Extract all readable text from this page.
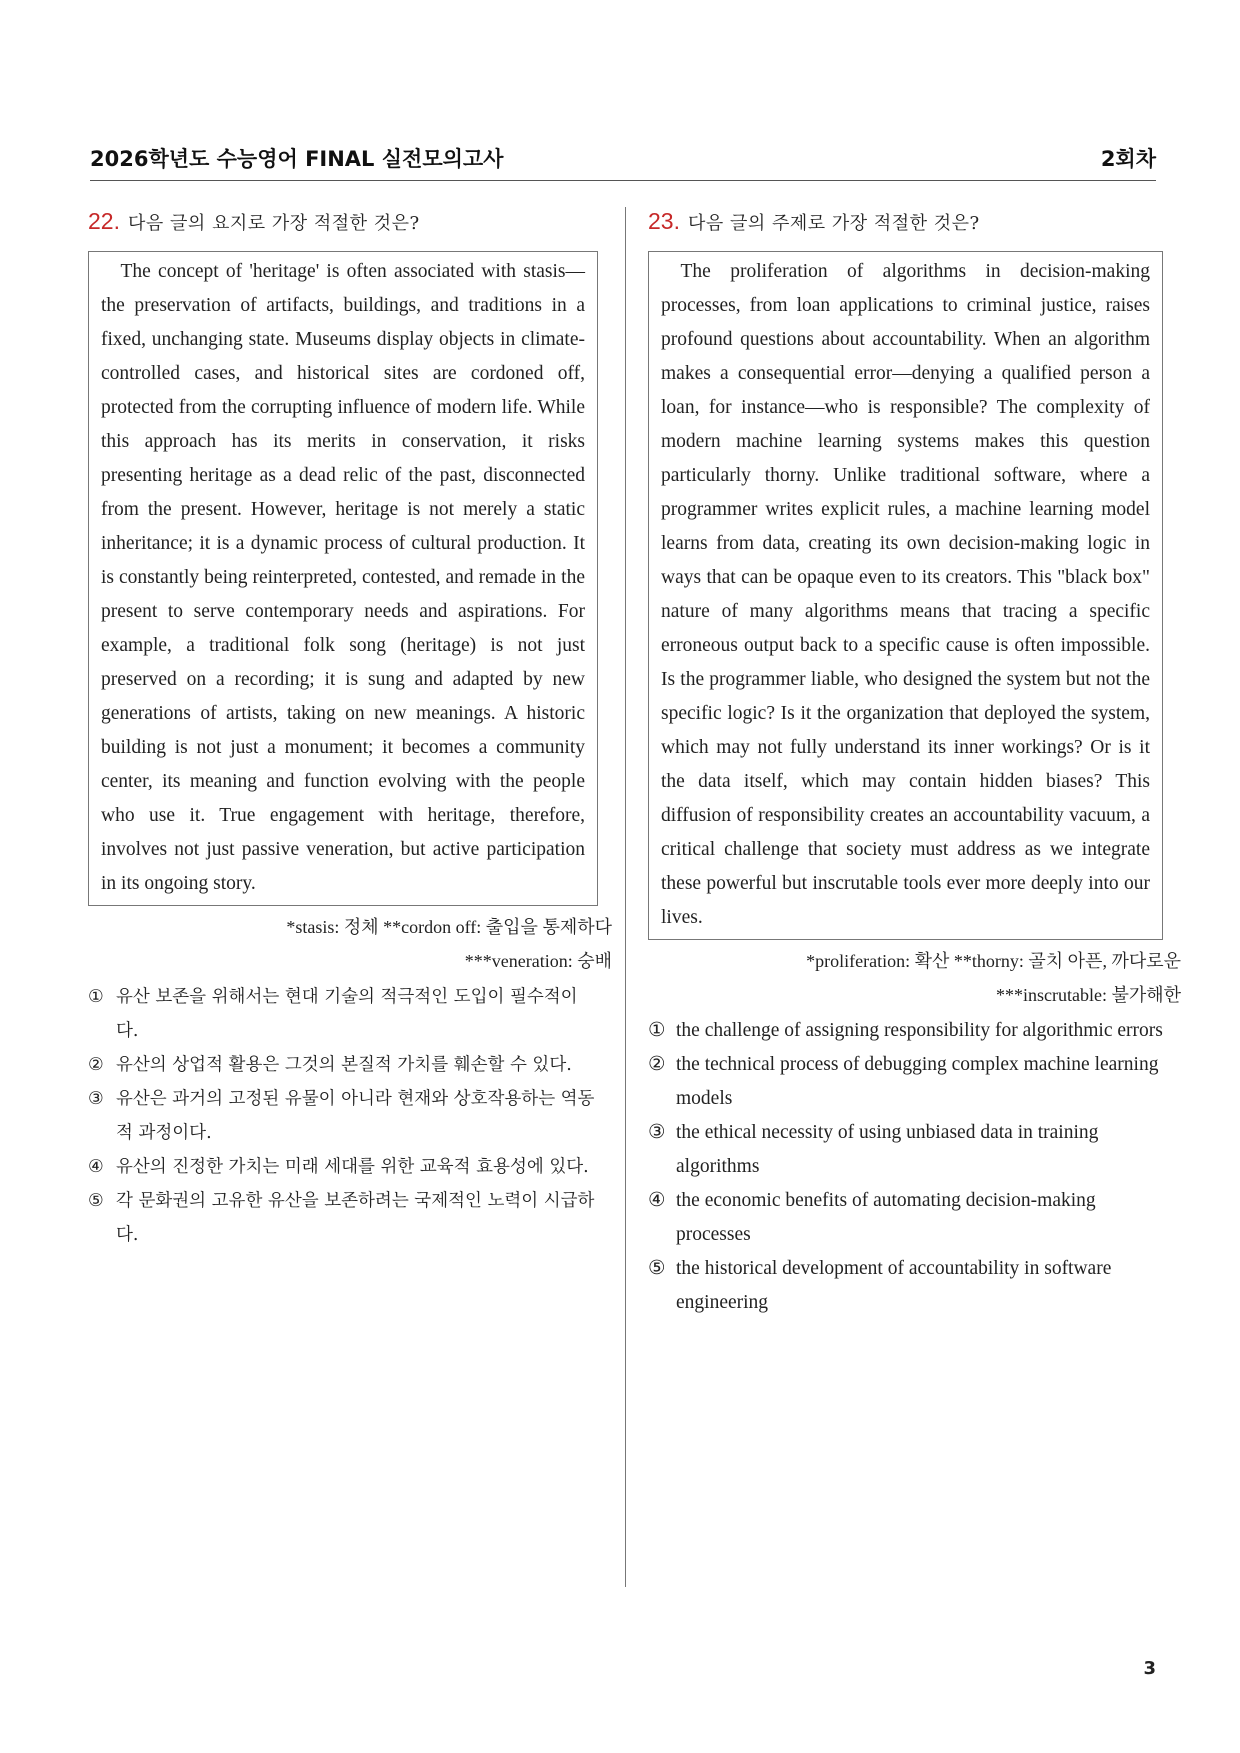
2026학년도 수능영어 FINAL 실전모의고사	2회차
22. 다음 글의 요지로 가장 적절한 것은?
The concept of 'heritage' is often associated with stasis—the preservation of artifacts, buildings, and traditions in a fixed, unchanging state. Museums display objects in climate-controlled cases, and historical sites are cordoned off, protected from the corrupting influence of modern life. While this approach has its merits in conservation, it risks presenting heritage as a dead relic of the past, disconnected from the present. However, heritage is not merely a static inheritance; it is a dynamic process of cultural production. It is constantly being reinterpreted, contested, and remade in the present to serve contemporary needs and aspirations. For example, a traditional folk song (heritage) is not just preserved on a recording; it is sung and adapted by new generations of artists, taking on new meanings. A historic building is not just a monument; it becomes a community center, its meaning and function evolving with the people who use it. True engagement with heritage, therefore, involves not just passive veneration, but active participation in its ongoing story.
*stasis: 정체 **cordon off: 출입을 통제하다
***veneration: 숭배
① 유산 보존을 위해서는 현대 기술의 적극적인 도입이 필수적이다.
② 유산의 상업적 활용은 그것의 본질적 가치를 훼손할 수 있다.
③ 유산은 과거의 고정된 유물이 아니라 현재와 상호작용하는 역동적 과정이다.
④ 유산의 진정한 가치는 미래 세대를 위한 교육적 효용성에 있다.
⑤ 각 문화권의 고유한 유산을 보존하려는 국제적인 노력이 시급하다.
23. 다음 글의 주제로 가장 적절한 것은?
The proliferation of algorithms in decision-making processes, from loan applications to criminal justice, raises profound questions about accountability. When an algorithm makes a consequential error—denying a qualified person a loan, for instance—who is responsible? The complexity of modern machine learning systems makes this question particularly thorny. Unlike traditional software, where a programmer writes explicit rules, a machine learning model learns from data, creating its own decision-making logic in ways that can be opaque even to its creators. This "black box" nature of many algorithms means that tracing a specific erroneous output back to a specific cause is often impossible. Is the programmer liable, who designed the system but not the specific logic? Is it the organization that deployed the system, which may not fully understand its inner workings? Or is it the data itself, which may contain hidden biases? This diffusion of responsibility creates an accountability vacuum, a critical challenge that society must address as we integrate these powerful but inscrutable tools ever more deeply into our lives.
*proliferation: 확산 **thorny: 골치 아픈, 까다로운
***inscrutable: 불가해한
① the challenge of assigning responsibility for algorithmic errors
② the technical process of debugging complex machine learning models
③ the ethical necessity of using unbiased data in training algorithms
④ the economic benefits of automating decision-making processes
⑤ the historical development of accountability in software engineering
3
